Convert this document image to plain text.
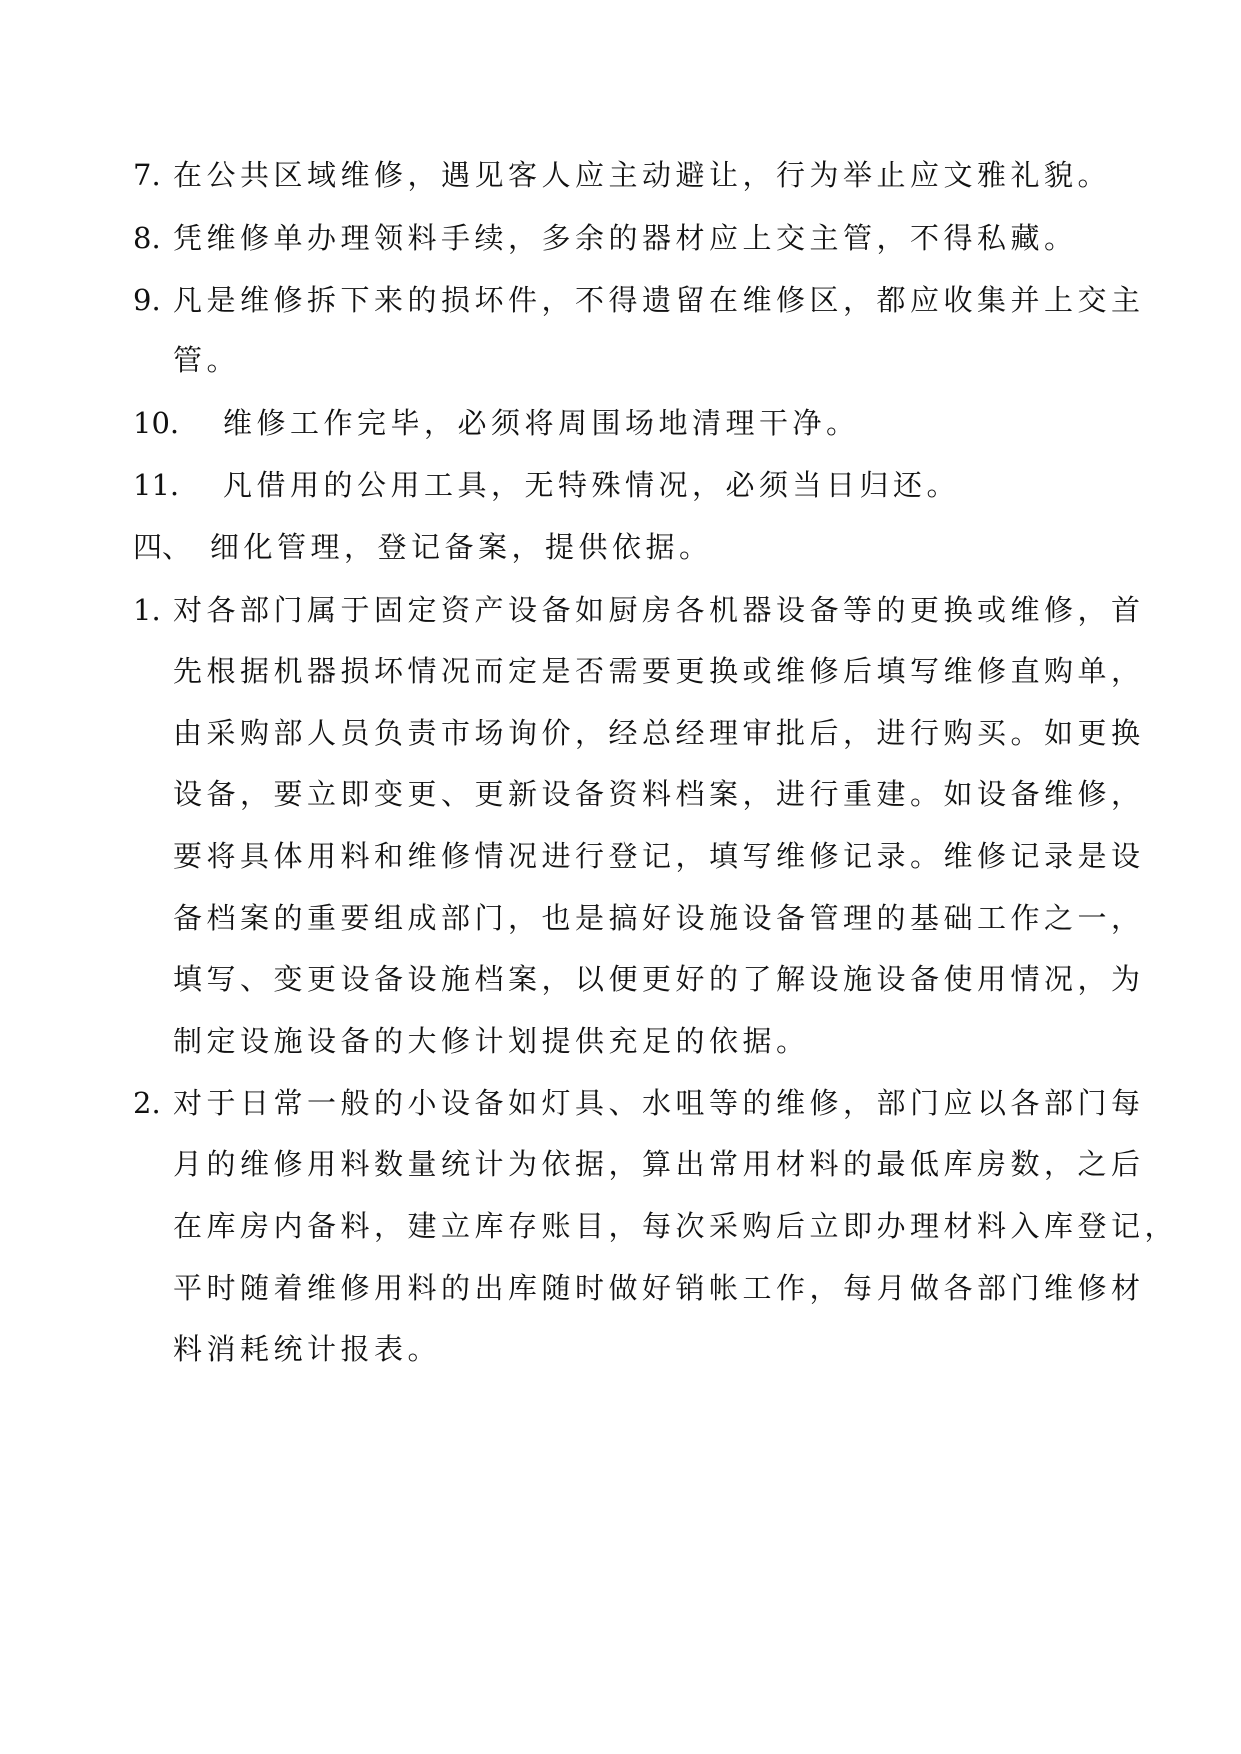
7. 在公共区域维修，遇见客人应主动避让，行为举止应文雅礼貌。
8. 凭维修单办理领料手续，多余的器材应上交主管，不得私藏。
9. 凡是维修拆下来的损坏件，不得遗留在维修区，都应收集并上交主
管。
10. 维修工作完毕，必须将周围场地清理干净。
11. 凡借用的公用工具，无特殊情况，必须当日归还。
四、 细化管理，登记备案，提供依据。
1. 对各部门属于固定资产设备如厨房各机器设备等的更换或维修，首
先根据机器损坏情况而定是否需要更换或维修后填写维修直购单，
由采购部人员负责市场询价，经总经理审批后，进行购买。如更换
设备，要立即变更、更新设备资料档案，进行重建。如设备维修，
要将具体用料和维修情况进行登记，填写维修记录。维修记录是设
备档案的重要组成部门，也是搞好设施设备管理的基础工作之一，
填写、变更设备设施档案，以便更好的了解设施设备使用情况，为
制定设施设备的大修计划提供充足的依据。
2. 对于日常一般的小设备如灯具、水咀等的维修，部门应以各部门每
月的维修用料数量统计为依据，算出常用材料的最低库房数，之后
在库房内备料，建立库存账目，每次采购后立即办理材料入库登记，
平时随着维修用料的出库随时做好销帐工作，每月做各部门维修材
料消耗统计报表。
